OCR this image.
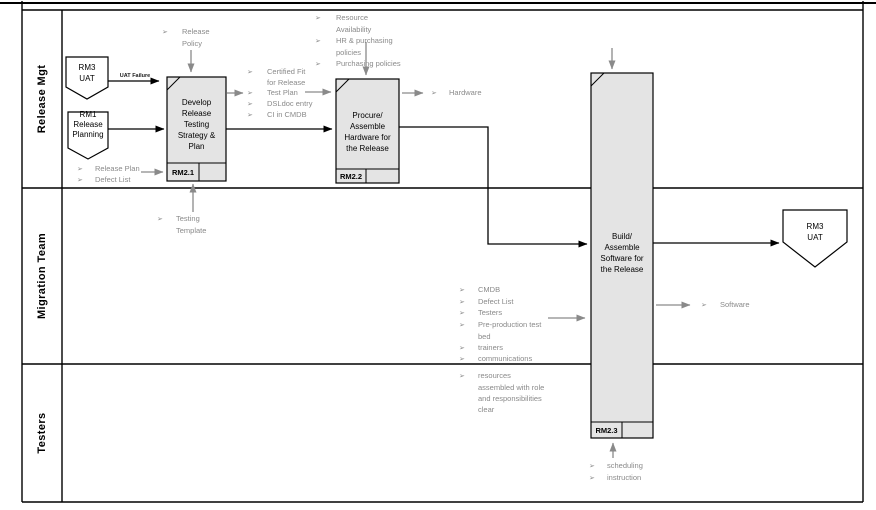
Release Mgt
Migration Team
Testers
RM3
UAT
RM1
Release
Planning
RM3
UAT
Develop
Release
Testing
Strategy &
Plan
Procure/
Assemble
Hardware for
the Release
Build/
Assemble
Software for
the Release
RM2.1	RM2.2
RM2.3
UAT Failure
➢	Release
Policy
➢	Resource
Availability
➢	HR & purchasing
policies
➢	Purchasing policies
➢	Certified Fit
for Release
➢	Test Plan
➢	DSLdoc entry
➢	CI in CMDB
➢	Hardware
➢	Release Plan
➢	Defect List
➢	Testing
Template
➢	CMDB
➢	Defect List
➢	Testers
➢	Pre-production test
bed
➢	trainers
➢	communications
➢	resources
assembled with role
and responsibilities
clear
➢	Software
➢	scheduling
➢	instruction
